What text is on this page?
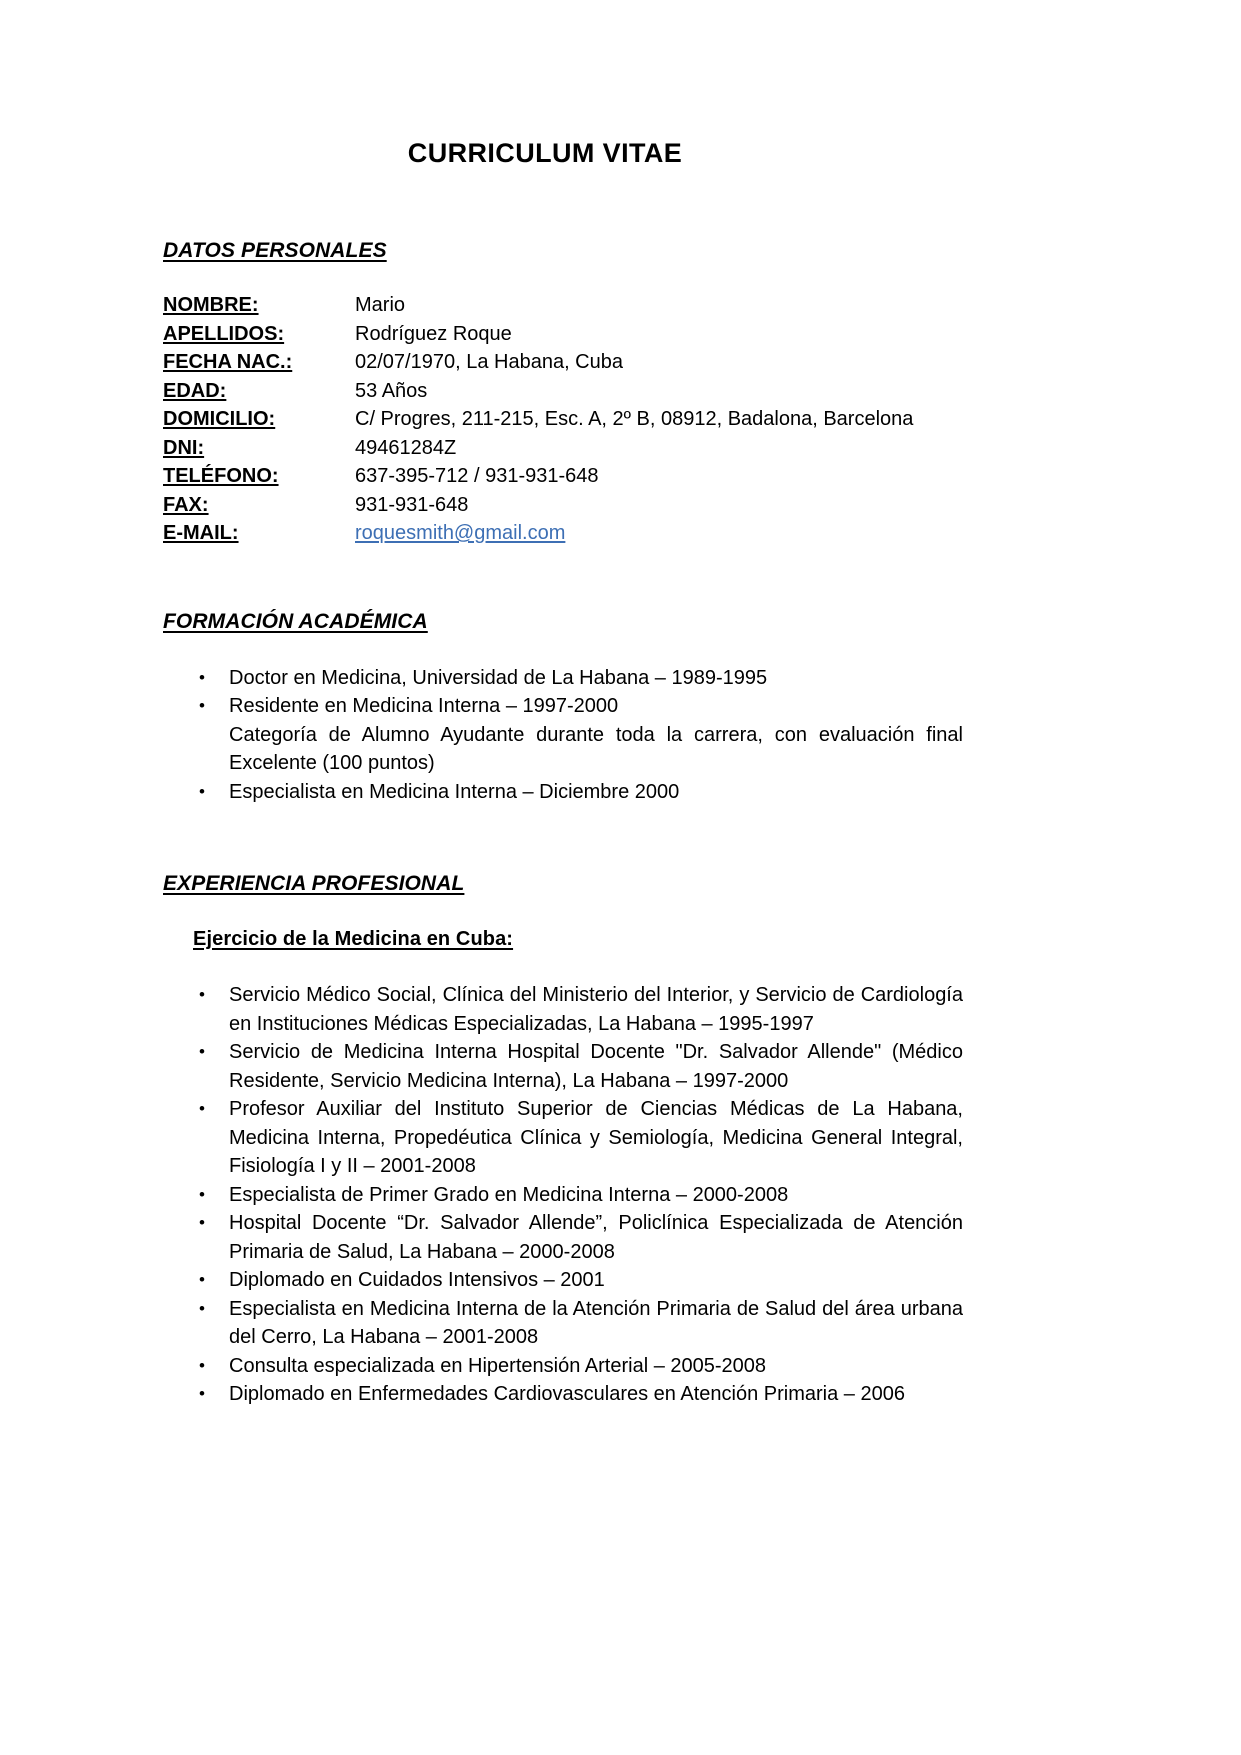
CURRICULUM VITAE
DATOS PERSONALES
NOMBRE:	Mario
APELLIDOS:	Rodríguez Roque
FECHA NAC.:	02/07/1970, La Habana, Cuba
EDAD:	53 Años
DOMICILIO:	C/ Progres, 211-215, Esc. A, 2º B, 08912, Badalona, Barcelona
DNI:	49461284Z
TELÉFONO:	637-395-712 / 931-931-648
FAX:	931-931-648
E-MAIL:	roquesmith@gmail.com
FORMACIÓN ACADÉMICA
• Doctor en Medicina, Universidad de La Habana – 1989-1995
• Residente en Medicina Interna – 1997-2000
Categoría de Alumno Ayudante durante toda la carrera, con evaluación final Excelente (100 puntos)
• Especialista en Medicina Interna – Diciembre 2000
EXPERIENCIA PROFESIONAL
Ejercicio de la Medicina en Cuba:
• Servicio Médico Social, Clínica del Ministerio del Interior, y Servicio de Cardiología en Instituciones Médicas Especializadas, La Habana – 1995-1997
• Servicio de Medicina Interna Hospital Docente "Dr. Salvador Allende" (Médico Residente, Servicio Medicina Interna), La Habana – 1997-2000
• Profesor Auxiliar del Instituto Superior de Ciencias Médicas de La Habana, Medicina Interna, Propedéutica Clínica y Semiología, Medicina General Integral, Fisiología I y II – 2001-2008
• Especialista de Primer Grado en Medicina Interna – 2000-2008
• Hospital Docente “Dr. Salvador Allende”, Policlínica Especializada de Atención Primaria de Salud, La Habana – 2000-2008
• Diplomado en Cuidados Intensivos – 2001
• Especialista en Medicina Interna de la Atención Primaria de Salud del área urbana del Cerro, La Habana – 2001-2008
• Consulta especializada en Hipertensión Arterial – 2005-2008
• Diplomado en Enfermedades Cardiovasculares en Atención Primaria – 2006
